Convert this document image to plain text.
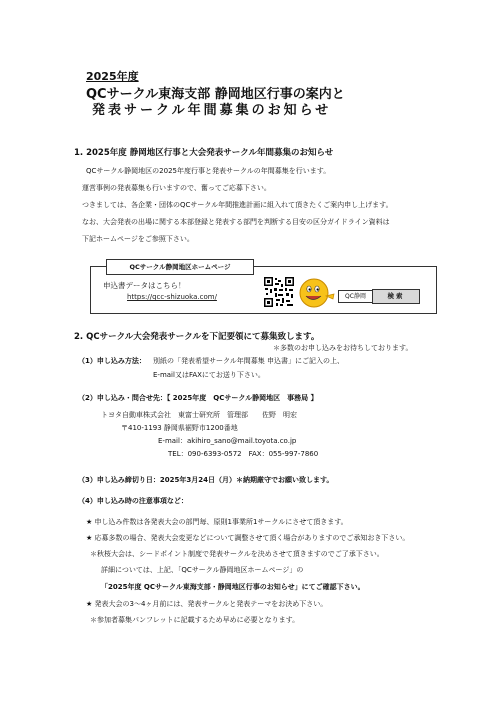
2025年度
QCサークル東海支部 静岡地区行事の案内と
発表サークル年間募集のお知らせ
1. 2025年度 静岡地区行事と大会発表サークル年間募集のお知らせ
QCサークル静岡地区の2025年度行事と発表サークルの年間募集を行います。
運営事例の発表募集も行いますので、奮ってご応募下さい。
つきましては、各企業・団体のQCサークル年間推進計画に組入れて頂きたくご案内申し上げます。
なお、大会発表の出場に関する本部登録と発表する部門を判断する目安の区分ガイドライン資料は
下記ホームページをご参照下さい。
QCサークル静岡地区ホームページ
申込書データはこちら！
https://qcc-shizuoka.com/	QC静岡	検索
2. QCサークル大会発表サークルを下記要領にて募集致します。
＊多数のお申し込みをお待ちしております。
（1）申し込み方法： 別紙の「発表希望サークル年間募集 申込書」にご記入の上、
E-mail又はFAXにてお送り下さい。
（2）申し込み・問合せ先：【 2025年度　QCサークル静岡地区　事務局 】
トヨタ自動車株式会社　東富士研究所　管理部　　佐野　明宏
〒410-1193 静岡県裾野市1200番地
E-mail：akihiro_sano@mail.toyota.co.jp
TEL：090-6393-0572　FAX：055-997-7860
（3）申し込み締切り日：2025年3月24日（月）＊納期厳守でお願い致します。
（4）申し込み時の注意事項など：
★ 申し込み件数は各発表大会の部門毎、原則1事業所1サークルにさせて頂きます。
★ 応募多数の場合、発表大会変更などについて調整させて頂く場合がありますのでご承知おき下さい。
＊秋桜大会は、シードポイント制度で発表サークルを決めさせて頂きますのでご了承下さい。
詳細については、上記、「QCサークル静岡地区ホームページ」の
「2025年度 QCサークル東海支部・静岡地区行事のお知らせ」にてご確認下さい。
★ 発表大会の3～4ヶ月前には、発表サークルと発表テーマをお決め下さい。
＊参加者募集パンフレットに記載するため早めに必要となります。
